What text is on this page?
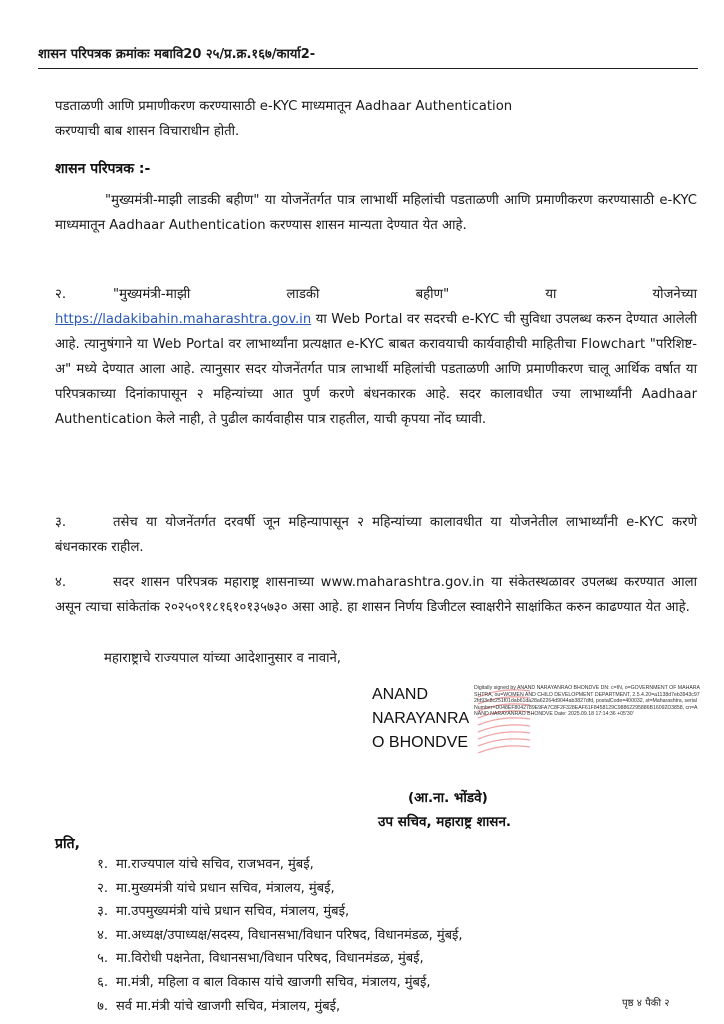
शासन परिपत्रक क्रमांकः मबावि20 २५/प्र.क्र.१६७/कार्या2-
पडताळणी आणि प्रमाणीकरण करण्यासाठी e-KYC माध्यमातून Aadhaar Authentication
करण्याची बाब शासन विचाराधीन होती.
शासन परिपत्रक :-
"मुख्यमंत्री-माझी लाडकी बहीण" या योजनेंतर्गत पात्र लाभार्थी महिलांची पडताळणी आणि प्रमाणीकरण करण्यासाठी e-KYC माध्यमातून Aadhaar Authentication करण्यास शासन मान्यता देण्यात येत आहे.
२.	"मुख्यमंत्री-माझी लाडकी बहीण" या योजनेच्या https://ladakibahin.maharashtra.gov.in या Web Portal वर सदरची e-KYC ची सुविधा उपलब्ध करुन देण्यात आलेली आहे. त्यानुषंगाने या Web Portal वर लाभार्थ्यांना प्रत्यक्षात e-KYC बाबत करावयाची कार्यवाहीची माहितीचा Flowchart "परिशिष्ट- अ" मध्ये देण्यात आला आहे. त्यानुसार सदर योजनेंतर्गत पात्र लाभार्थी महिलांची पडताळणी आणि प्रमाणीकरण चालू आर्थिक वर्षात या परिपत्रकाच्या दिनांकापासून २ महिन्यांच्या आत पुर्ण करणे बंधनकारक आहे. सदर कालावधीत ज्या लाभार्थ्यांनी Aadhaar Authentication केले नाही, ते पुढील कार्यवाहीस पात्र राहतील, याची कृपया नोंद घ्यावी.
३.	तसेच या योजनेंतर्गत दरवर्षी जून महिन्यापासून २ महिन्यांच्या कालावधीत या योजनेतील लाभार्थ्यांनी e-KYC करणे बंधनकारक राहील.
४.	सदर शासन परिपत्रक महाराष्ट्र शासनाच्या www.maharashtra.gov.in या संकेतस्थळावर उपलब्ध करण्यात आला असून त्याचा सांकेतांक २०२५०९१८१६१०१३५७३० असा आहे. हा शासन निर्णय डिजीटल स्वाक्षरीने साक्षांकित करुन काढण्यात येत आहे.
महाराष्ट्राचे राज्यपाल यांच्या आदेशानुसार व नावाने,
ANAND
NARAYANRA
O BHONDVE
Digitally signed by ANAND NARAYANRAO BHONDVE DN: c=IN, o=GOVERNMENT OF MAHARASHTRA, ou=WOMEN AND CHILD DEVELOPMENT DEPARTMENT, 2.5.4.20=a1138d7eb3943c972fd93c8c251f01dab61da28a62264d9044ab3827dfd, postalCode=400032, st=Maharashtra, serialNumber=D048EF8042789E9FA7C8F2F328EAF61F8458129C98862295886B16092D3858, cn=ANAND NARAYANRAO BHONDVE Date: 2025.09.18 17:14:36 +05'30'
(आ.ना. भोंडवे)
उप सचिव, महाराष्ट्र शासन.
प्रति,
१. मा.राज्यपाल यांचे सचिव, राजभवन, मुंबई,
२. मा.मुख्यमंत्री यांचे प्रधान सचिव, मंत्रालय, मुंबई,
३. मा.उपमुख्यमंत्री यांचे प्रधान सचिव, मंत्रालय, मुंबई,
४. मा.अध्यक्ष/उपाध्यक्ष/सदस्य, विधानसभा/विधान परिषद, विधानमंडळ, मुंबई,
५. मा.विरोधी पक्षनेता, विधानसभा/विधान परिषद, विधानमंडळ, मुंबई,
६. मा.मंत्री, महिला व बाल विकास यांचे खाजगी सचिव, मंत्रालय, मुंबई,
७. सर्व मा.मंत्री यांचे खाजगी सचिव, मंत्रालय, मुंबई,	पृष्ठ ४ पैकी २
